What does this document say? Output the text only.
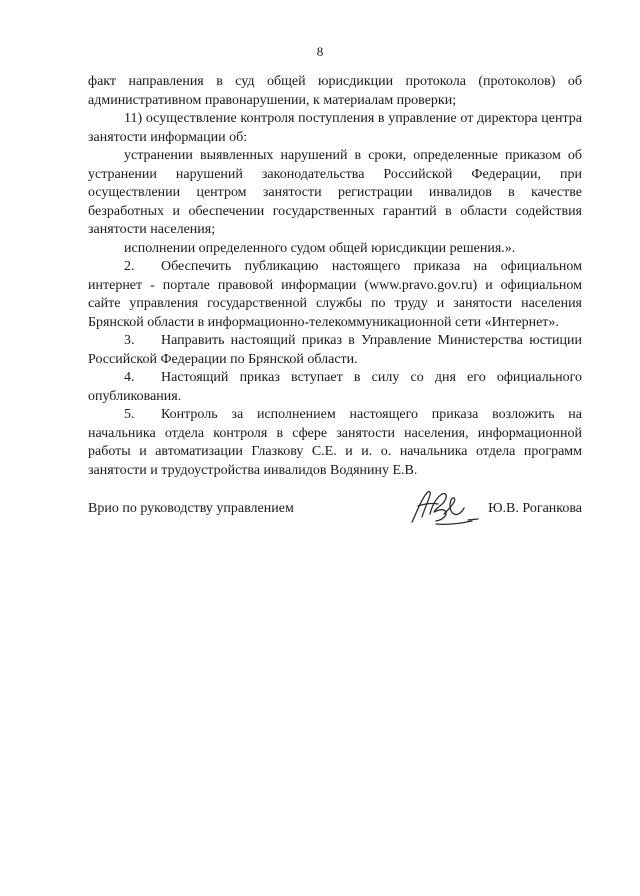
8

факт направления в суд общей юрисдикции протокола (протоколов) об административном правонарушении, к материалам проверки;

11) осуществление контроля поступления в управление от директора центра занятости информации об:

устранении выявленных нарушений в сроки, определенные приказом об устранении нарушений законодательства Российской Федерации, при осуществлении центром занятости регистрации инвалидов в качестве безработных и обеспечении государственных гарантий в области содействия занятости населения;

исполнении определенного судом общей юрисдикции решения.».

2. Обеспечить публикацию настоящего приказа на официальном интернет - портале правовой информации (www.pravo.gov.ru) и официальном сайте управления государственной службы по труду и занятости населения Брянской области в информационно-телекоммуникационной сети «Интернет».

3. Направить настоящий приказ в Управление Министерства юстиции Российской Федерации по Брянской области.

4. Настоящий приказ вступает в силу со дня его официального опубликования.

5. Контроль за исполнением настоящего приказа возложить на начальника отдела контроля в сфере занятости населения, информационной работы и автоматизации Глазкову С.Е. и и. о. начальника отдела программ занятости и трудоустройства инвалидов Водянину Е.В.

Врио по руководству управлением	Ю.В. Роганкова
